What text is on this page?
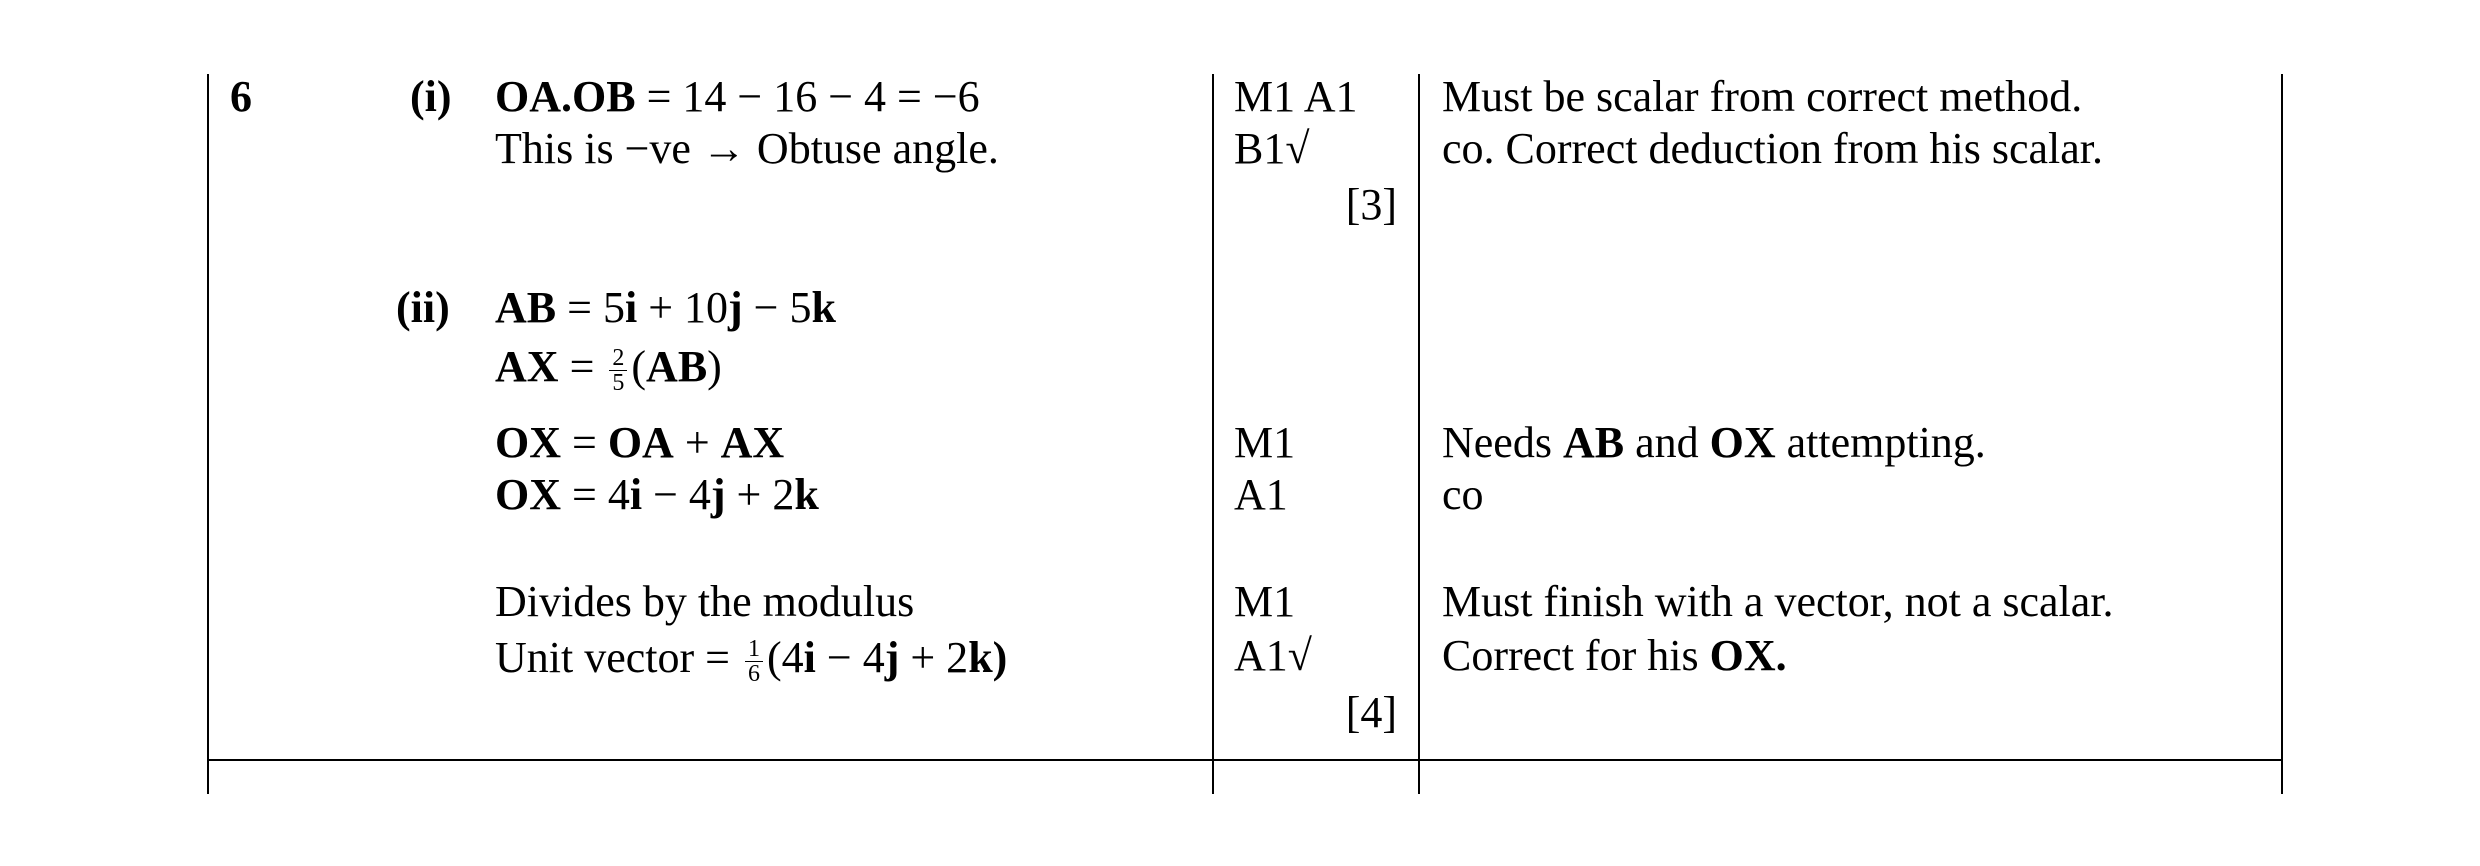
6	(i) OA.OB = 14 − 16 − 4 = −6
This is −ve → Obtuse angle.
M1 A1
B1√
[3]
Must be scalar from correct method.
co. Correct deduction from his scalar.
(ii) AB = 5i + 10j − 5k
AX = $\frac{2}{5} (AB)$
OX = OA + AX
OX = 4i − 4j + 2k
Divides by the modulus
Unit vector = $\frac{1}{6} (4i - 4j + 2k)$
M1
A1
M1
A1√
[4]
Needs AB and OX attempting.
co
Must finish with a vector, not a scalar.
Correct for his OX.
